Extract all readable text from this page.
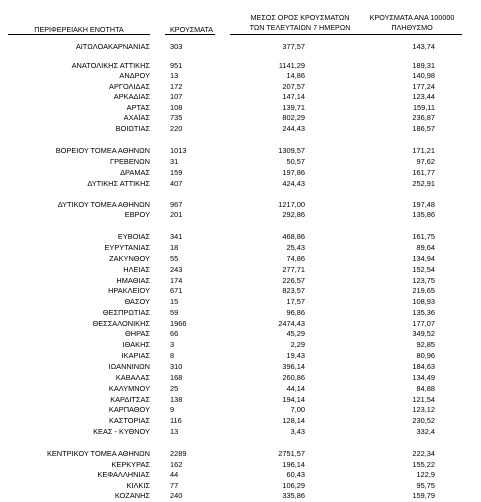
ΠΕΡΙΦΕΡΕΙΑΚΗ ΕΝΟΤΗΤΑ	ΚΡΟΥΣΜΑΤΑ
ΜΕΣΟΣ ΟΡΟΣ ΚΡΟΥΣΜΑΤΩΝ
ΤΩΝ ΤΕΛΕΥΤΑΙΩΝ 7 ΗΜΕΡΩΝ
ΚΡΟΥΣΜΑΤΑ ΑΝΑ 100000
ΠΛΗΘΥΣΜΟ
ΑΙΤΩΛΟΑΚΑΡΝΑΝΙΑΣ	303	377,57	143,74
ΑΝΑΤΟΛΙΚΗΣ ΑΤΤΙΚΗΣ	951	1141,29	189,31
ΑΝΔΡΟΥ	13	14,86	140,98
ΑΡΓΟΛΙΔΑΣ	172	207,57	177,24
ΑΡΚΑΔΙΑΣ	107	147,14	123,44
ΑΡΤΑΣ	108	139,71	159,11
ΑΧΑΪΑΣ	735	802,29	236,87
ΒΟΙΩΤΙΑΣ	220	244,43	186,57
ΒΟΡΕΙΟΥ ΤΟΜΕΑ ΑΘΗΝΩΝ	1013	1309,57	171,21
ΓΡΕΒΕΝΩΝ	31	50,57	97,62
ΔΡΑΜΑΣ	159	197,86	161,77
ΔΥΤΙΚΗΣ ΑΤΤΙΚΗΣ	407	424,43	252,91
ΔΥΤΙΚΟΥ ΤΟΜΕΑ ΑΘΗΝΩΝ	967	1217,00	197,48
ΕΒΡΟΥ	201	292,86	135,86
ΕΥΒΟΙΑΣ	341	468,86	161,75
ΕΥΡΥΤΑΝΙΑΣ	18	25,43	89,64
ΖΑΚΥΝΘΟΥ	55	74,86	134,94
ΗΛΕΙΑΣ	243	277,71	152,54
ΗΜΑΘΙΑΣ	174	226,57	123,75
ΗΡΑΚΛΕΙΟΥ	671	823,57	219,65
ΘΑΣΟΥ	15	17,57	108,93
ΘΕΣΠΡΩΤΙΑΣ	59	96,86	135,36
ΘΕΣΣΑΛΟΝΙΚΗΣ	1966	2474,43	177,07
ΘΗΡΑΣ	66	45,29	349,52
ΙΘΑΚΗΣ	3	2,29	92,85
ΙΚΑΡΙΑΣ	8	19,43	80,96
ΙΩΑΝΝΙΝΩΝ	310	396,14	184,63
ΚΑΒΑΛΑΣ	168	260,86	134,49
ΚΑΛΥΜΝΟΥ	25	44,14	84,88
ΚΑΡΔΙΤΣΑΣ	138	194,14	121,54
ΚΑΡΠΑΘΟΥ	9	7,00	123,12
ΚΑΣΤΟΡΙΑΣ	116	128,14	230,52
ΚΕΑΣ - ΚΥΘΝΟΥ	13	3,43	332,4
ΚΕΝΤΡΙΚΟΥ ΤΟΜΕΑ ΑΘΗΝΩΝ	2289	2751,57	222,34
ΚΕΡΚΥΡΑΣ	162	196,14	155,22
ΚΕΦΑΛΛΗΝΙΑΣ	44	60,43	122,9
ΚΙΛΚΙΣ	77	106,29	95,75
ΚΟΖΑΝΗΣ	240	335,86	159,79
